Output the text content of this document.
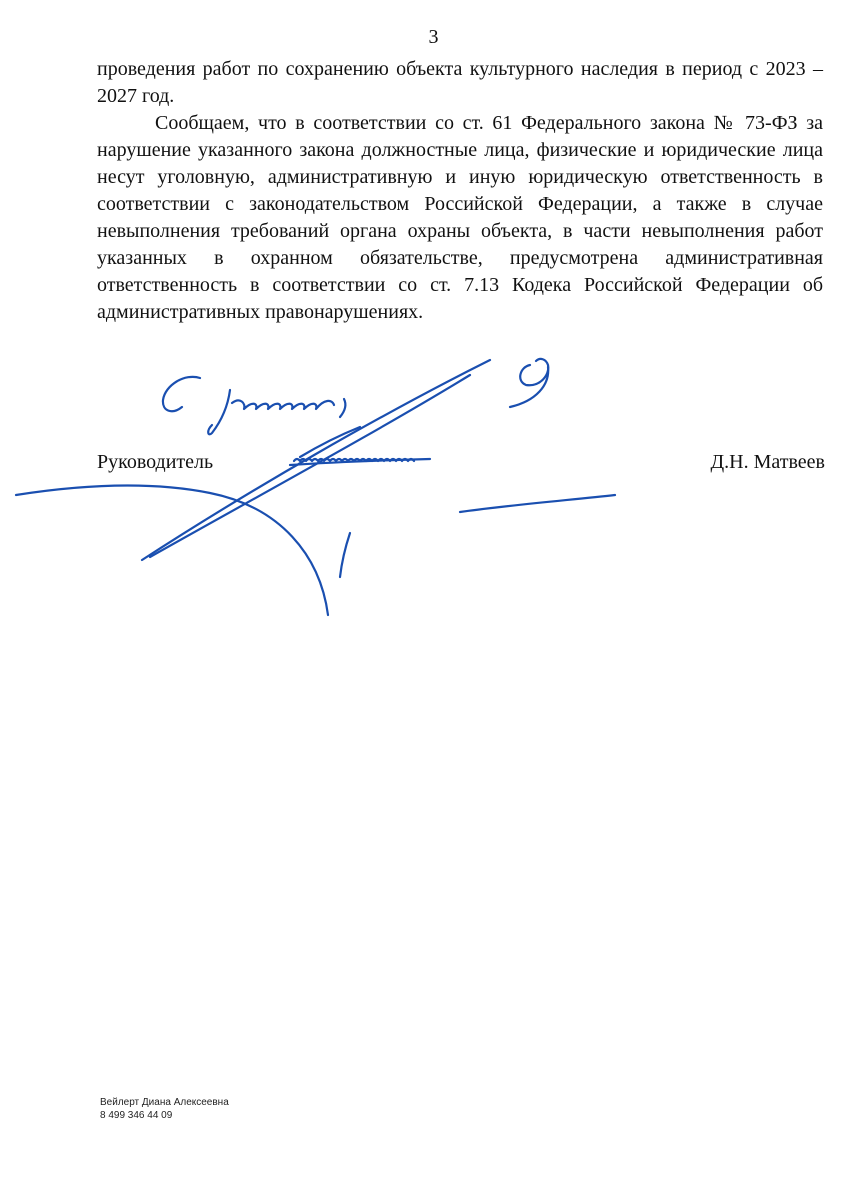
3

проведения работ по сохранению объекта культурного наследия в период с 2023 – 2027 год.

Сообщаем, что в соответствии со ст. 61 Федерального закона № 73-ФЗ за нарушение указанного закона должностные лица, физические и юридические лица несут уголовную, административную и иную юридическую ответственность в соответствии с законодательством Российской Федерации, а также в случае невыполнения требований органа охраны объекта, в части невыполнения работ указанных в охранном обязательстве, предусмотрена административная ответственность в соответствии со ст. 7.13 Кодека Российской Федерации об административных правонарушениях.

Руководитель	Д.Н. Матвеев
Вейлерт Диана Алексеевна
8 499 346 44 09
